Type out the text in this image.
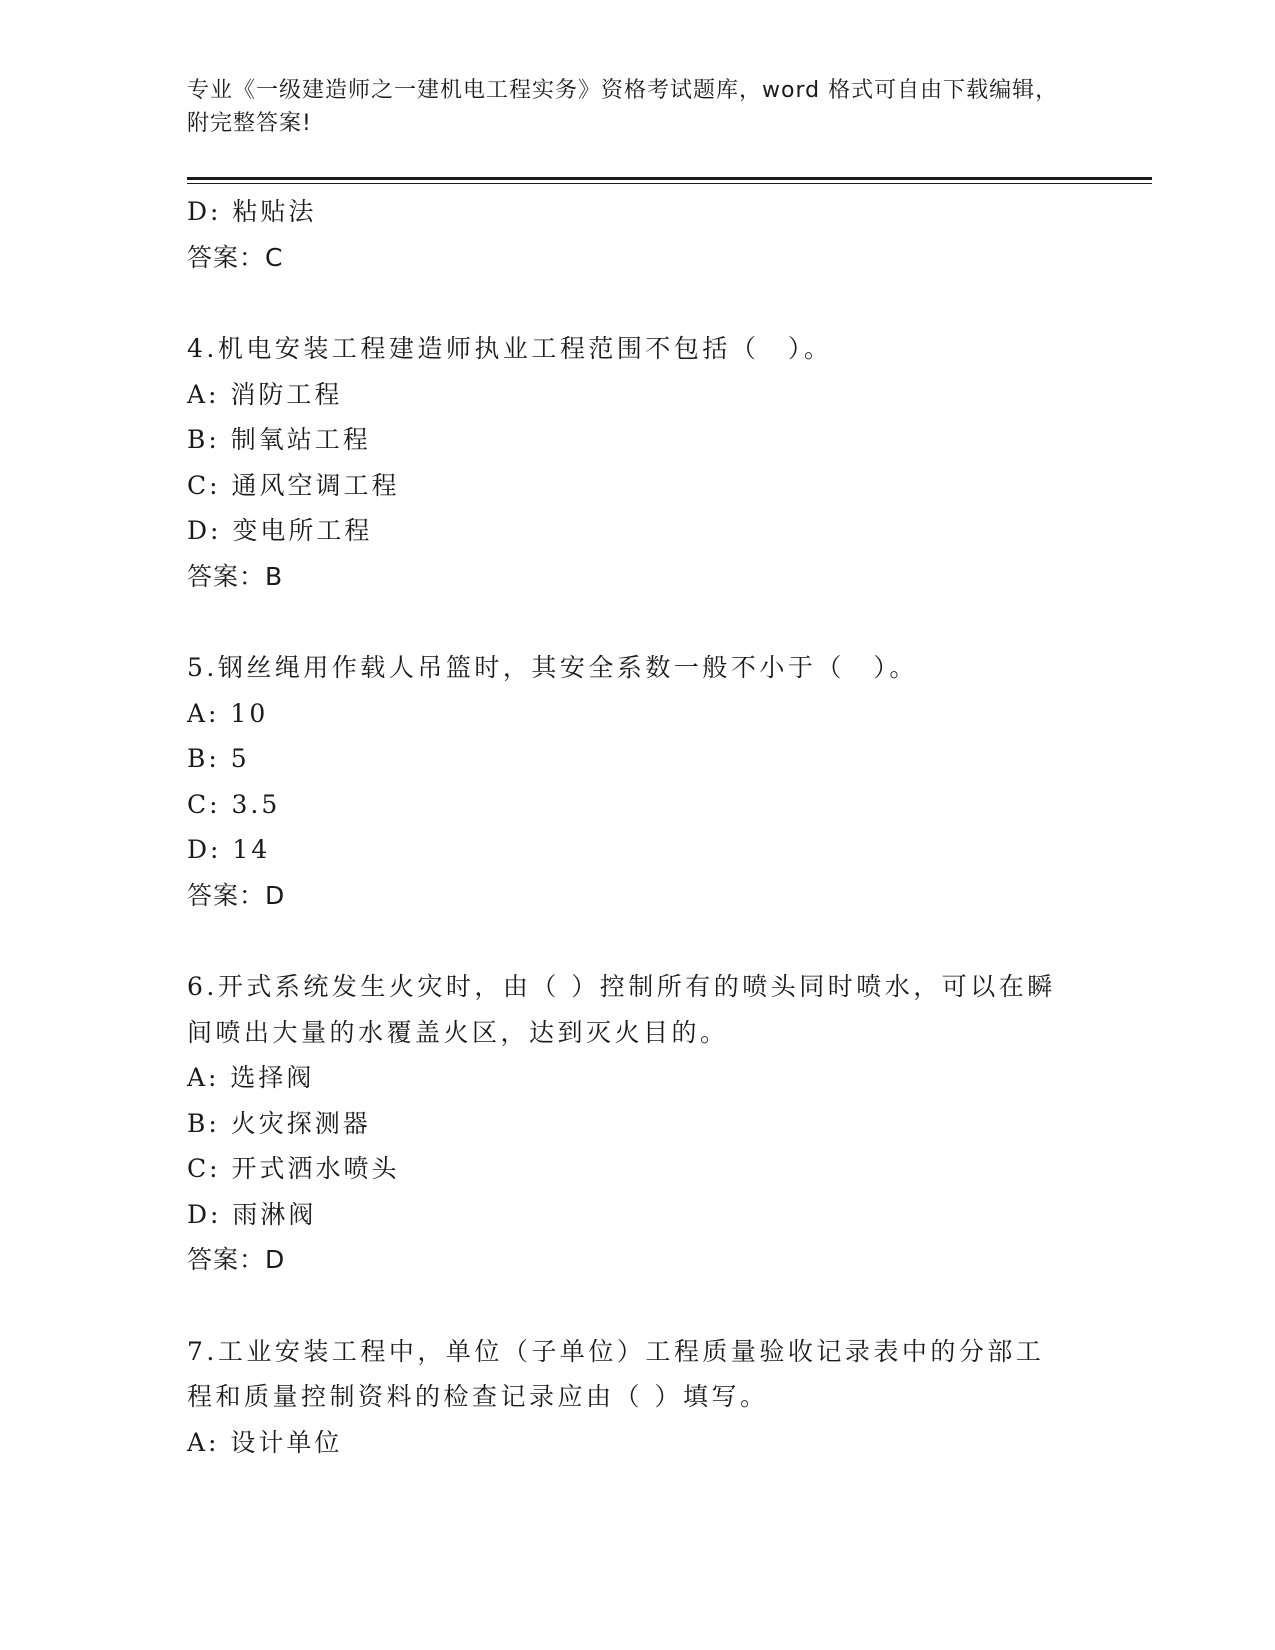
专业《一级建造师之一建机电工程实务》资格考试题库，word 格式可自由下载编辑，附完整答案!
D: 粘贴法
答案：C
4.机电安装工程建造师执业工程范围不包括（　）。
A: 消防工程
B: 制氧站工程
C: 通风空调工程
D: 变电所工程
答案：B
5.钢丝绳用作载人吊篮时，其安全系数一般不小于（　）。
A: 10
B: 5
C: 3.5
D: 14
答案：D
6.开式系统发生火灾时，由（ ）控制所有的喷头同时喷水，可以在瞬间喷出大量的水覆盖火区，达到灭火目的。
A: 选择阀
B: 火灾探测器
C: 开式洒水喷头
D: 雨淋阀
答案：D
7.工业安装工程中，单位（子单位）工程质量验收记录表中的分部工程和质量控制资料的检查记录应由（ ）填写。
A: 设计单位
